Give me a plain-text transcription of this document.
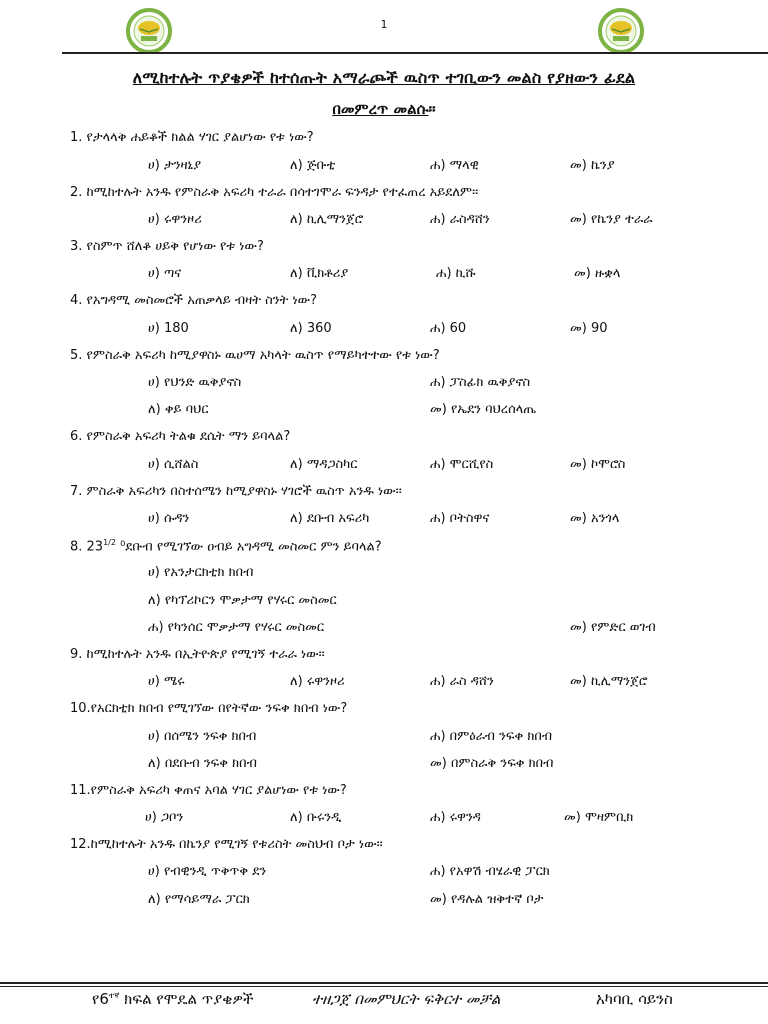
1
ለሚከተሉት ጥያቄዎች ከተሰጡት አማራጮች ዉስጥ ተገቢውን መልስ የያዘውን ፊደል
በመምረጥ መልሱ።
1. የታላላቅ ሐይቆች ክልል ሃገር ያልሆነው የቱ ነው?
ሀ) ታንዛኒያ	ለ) ጅቡቲ	ሐ) ማላዊ	መ) ኬንያ
2. ከሚከተሉት አንዱ የምስራቅ አፍሪካ ተራራ በሳተገሞራ ፍንዳታ የተፈጠረ አይደለም፡፡
ሀ) ሩዋንዞሪ	ለ) ኪሊማንጀሮ	ሐ) ራስዳሸን	መ) የኬንያ ተራራ
3. የስምጥ ሸለቆ ሀይቅ የሆነው የቱ ነው?
ሀ) ጣና	ለ) ቪክቶሪያ	ሐ) ኪሹ	መ) ዙቋላ
4. የአግዳሚ መስመሮች አጠቃላይ ብዛት ስንት ነው?
ሀ) 180	ለ) 360	ሐ) 60	መ) 90
5. የምስራቅ አፍሪካ ከሚያዋስኑ ዉሀማ አካላት ዉስጥ የማይካተተው የቱ ነው?
ሀ) የህንድ ዉቅያኖስ	ሐ) ፓስፊክ ዉቅያኖስ
ለ) ቀይ ባህር	መ) የኤደን ባህረሰላጤ
6. የምስራቅ አፍሪካ ትልቁ ደሴት ማን ይባላል?
ሀ) ሲሸልስ	ለ) ማዳጋስካር	ሐ) ሞርሺየስ	መ) ኮሞሮስ
7. ምስራቅ አፍሪካን በስተሰሜን ከሚያዋስኑ ሃገሮች ዉስጥ አንዱ ነው፡፡
ሀ) ሱዳን	ለ) ደቡብ አፍሪካ	ሐ) ቦትስዋና	መ) አንጎላ
8. $23^{1/2}$ ⁰ደቡብ የሚገኘው ዐብይ አግዳሚ መስመር ምን ይባላል?
ሀ) የአንታርክቲክ ክበብ
ለ) የካፕሪኮርን ሞቃታማ የሃሩር መስመር
ሐ) የካንሰር ሞቃታማ የሃሩር መስመር	መ) የምድር ወገብ
9. ከሚከተሉት አንዱ በኢትዮጵያ የሚገኝ ተራራ ነው፡፡
ሀ) ሜሩ	ለ) ሩዋንዞሪ	ሐ) ራስ ዳሸን	መ) ኪሊማንጀሮ
10.የአርክቲክ ክበብ የሚገኘው በየትኛው ንፍቀ ክበብ ነው?
ሀ) በሰሜን ንፍቀ ክበብ	ሐ) በምዕራብ ንፍቀ ክበብ
ለ) በደቡብ ንፍቀ ክበብ	መ) በምስራቅ ንፍቀ ክበብ
11.የምስራቅ አፍሪካ ቀጠና አባል ሃገር ያልሆነው የቱ ነው?
ሀ) ጋቦን	ለ) ቡሩንዲ	ሐ) ሩዋንዳ	መ) ሞዛምቢክ
12.ከሚከተሉት አንዱ በኬንያ የሚገኝ የቱሪስት መስህብ ቦታ ነው፡፡
ሀ) የብዊንዲ ጥቅጥቅ ደን	ሐ) የአዋሽ ብሄራዊ ፓርክ
ለ) የማሳይማራ ፓርክ	መ) የዳሉል ዝቅተኛ ቦታ
$የ6^{ተኛ}$ ክፍል የሞዴል ጥያቄዎች	ተዘጋጀ በመምህርት ፍቅርተ መቻል	አካባቢ ሳይንስ
